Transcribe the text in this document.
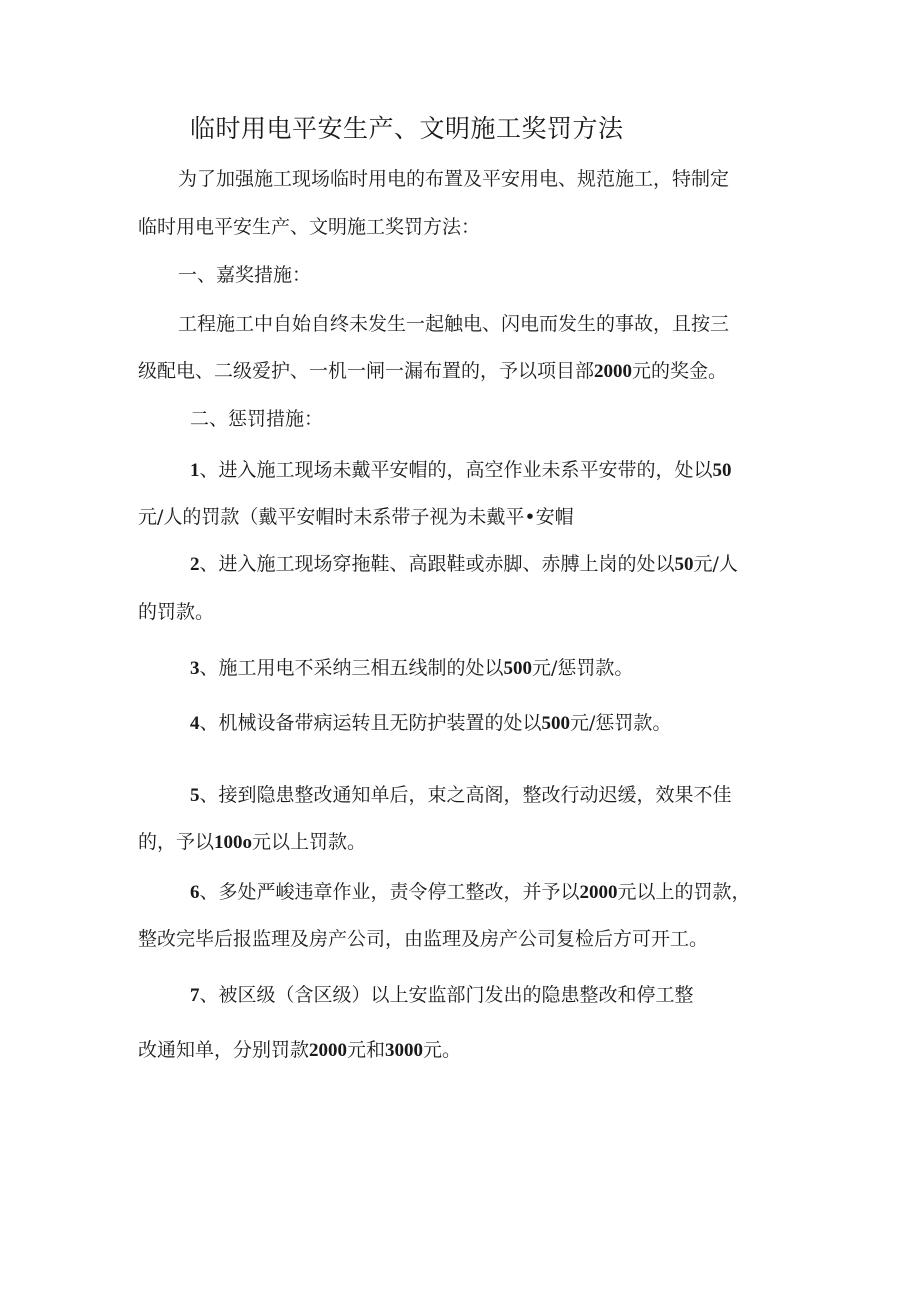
临时用电平安生产、文明施工奖罚方法
为了加强施工现场临时用电的布置及平安用电、规范施工，特制定
临时用电平安生产、文明施工奖罚方法：
一、嘉奖措施：
工程施工中自始自终未发生一起触电、闪电而发生的事故，且按三
级配电、二级爱护、一机一闸一漏布置的，予以项目部2000元的奖金。
二、惩罚措施：
1、进入施工现场未戴平安帽的，高空作业未系平安带的，处以50
元/人的罚款（戴平安帽时未系带子视为未戴平•安帽
2、进入施工现场穿拖鞋、高跟鞋或赤脚、赤膊上岗的处以50元/人
的罚款。
3、施工用电不采纳三相五线制的处以500元/惩罚款。
4、机械设备带病运转且无防护装置的处以500元/惩罚款。
5、接到隐患整改通知单后，束之高阁，整改行动迟缓，效果不佳
的，予以100o元以上罚款。
6、多处严峻违章作业，责令停工整改，并予以2000元以上的罚款，
整改完毕后报监理及房产公司，由监理及房产公司复检后方可开工。
7、被区级（含区级）以上安监部门发出的隐患整改和停工整
改通知单，分别罚款2000元和3000元。
